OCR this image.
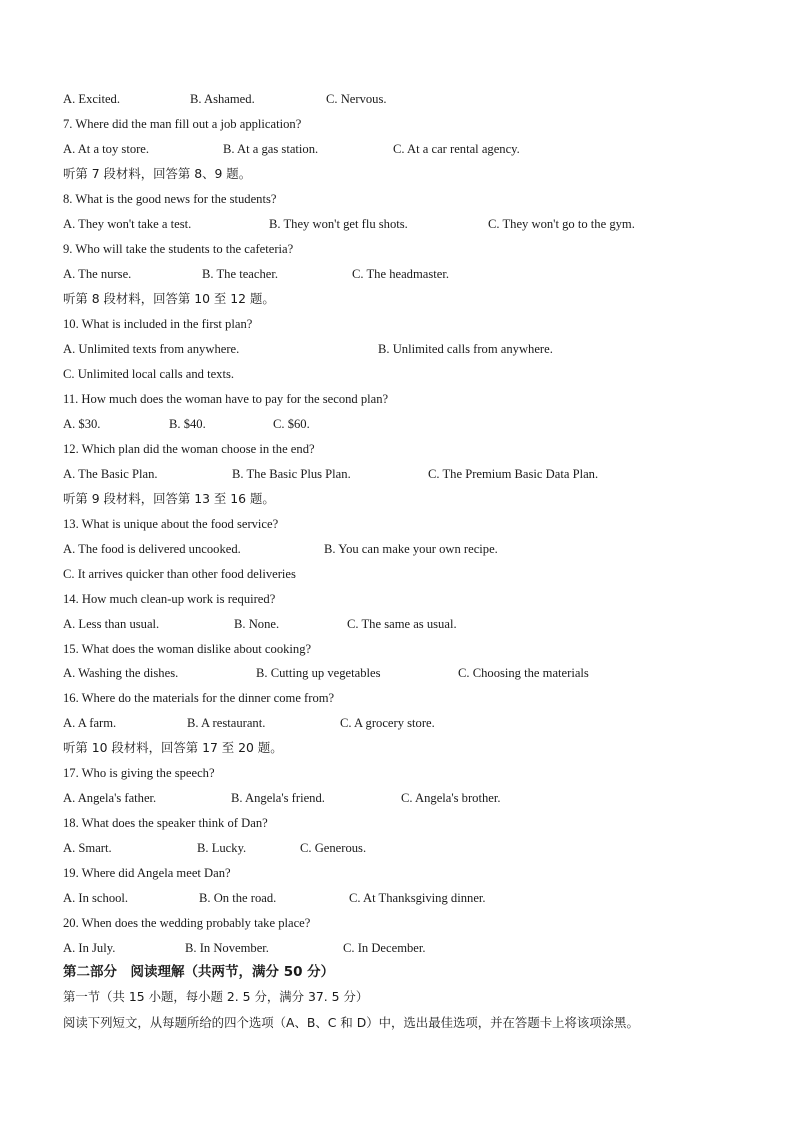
A. Excited.	B. Ashamed.	C. Nervous.
7. Where did the man fill out a job application?
A. At a toy store.	B. At a gas station.	C. At a car rental agency.
听第 7 段材料，回答第 8、9 题。
8. What is the good news for the students?
A. They won't take a test.	B. They won't get flu shots.	C. They won't go to the gym.
9. Who will take the students to the cafeteria?
A. The nurse.	B. The teacher.	C. The headmaster.
听第 8 段材料，回答第 10 至 12 题。
10. What is included in the first plan?
A. Unlimited texts from anywhere.	B. Unlimited calls from anywhere.
C. Unlimited local calls and texts.
11. How much does the woman have to pay for the second plan?
A. $30.	B. $40.	C. $60.
12. Which plan did the woman choose in the end?
A. The Basic Plan.	B. The Basic Plus Plan.	C. The Premium Basic Data Plan.
听第 9 段材料，回答第 13 至 16 题。
13. What is unique about the food service?
A. The food is delivered uncooked.	B. You can make your own recipe.
C. It arrives quicker than other food deliveries
14. How much clean-up work is required?
A. Less than usual.	B. None.	C. The same as usual.
15. What does the woman dislike about cooking?
A. Washing the dishes.	B. Cutting up vegetables	C. Choosing the materials
16. Where do the materials for the dinner come from?
A. A farm.	B. A restaurant.	C. A grocery store.
听第 10 段材料，回答第 17 至 20 题。
17. Who is giving the speech?
A. Angela's father.	B. Angela's friend.	C. Angela's brother.
18. What does the speaker think of Dan?
A. Smart.	B. Lucky.	C. Generous.
19. Where did Angela meet Dan?
A. In school.	B. On the road.	C. At Thanksgiving dinner.
20. When does the wedding probably take place?
A. In July.	B. In November.	C. In December.
第二部分　阅读理解（共两节，满分 50 分）
第一节（共 15 小题，每小题 2. 5 分，满分 37. 5 分）
阅读下列短文，从每题所给的四个选项（A、B、C 和 D）中，选出最佳选项，并在答题卡上将该项涂黑。
